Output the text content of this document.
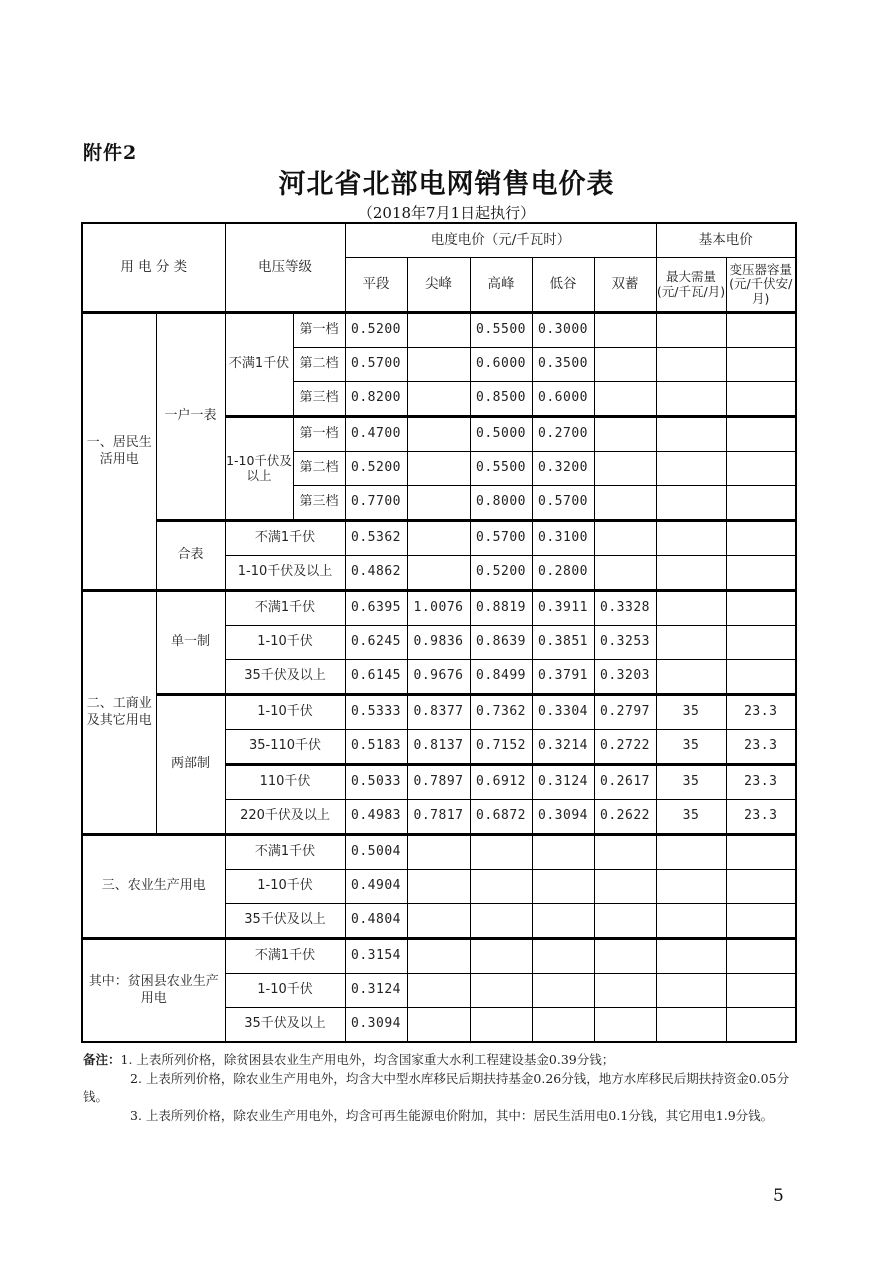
附件2
河北省北部电网销售电价表
（2018年7月1日起执行）
用 电 分 类		电压等级		电度电价（元/千瓦时）					基本电价	
				平段	尖峰	高峰	低谷	双蓄	最大需量(元/千瓦/月)	变压器容量(元/千伏安/月)
一、居民生活用电	一户一表	不满1千伏	第一档	0.5200		0.5500	0.3000			
			第二档	0.5700		0.6000	0.3500			
			第三档	0.8200		0.8500	0.6000			
		1-10千伏及以上	第一档	0.4700		0.5000	0.2700			
			第二档	0.5200		0.5500	0.3200			
			第三档	0.7700		0.8000	0.5700			
	合表	不满1千伏		0.5362		0.5700	0.3100			
		1-10千伏及以上		0.4862		0.5200	0.2800			
二、工商业及其它用电	单一制	不满1千伏		0.6395	1.0076	0.8819	0.3911	0.3328		
		1-10千伏		0.6245	0.9836	0.8639	0.3851	0.3253		
		35千伏及以上		0.6145	0.9676	0.8499	0.3791	0.3203		
	两部制	1-10千伏		0.5333	0.8377	0.7362	0.3304	0.2797	35	23.3
		35-110千伏		0.5183	0.8137	0.7152	0.3214	0.2722	35	23.3
		110千伏		0.5033	0.7897	0.6912	0.3124	0.2617	35	23.3
		220千伏及以上		0.4983	0.7817	0.6872	0.3094	0.2622	35	23.3
三、农业生产用电		不满1千伏		0.5004						
		1-10千伏		0.4904						
		35千伏及以上		0.4804						
其中：贫困县农业生产用电		不满1千伏		0.3154						
		1-10千伏		0.3124						
		35千伏及以上		0.3094						

备注：1. 上表所列价格，除贫困县农业生产用电外，均含国家重大水利工程建设基金0.39分钱；

2. 上表所列价格，除农业生产用电外，均含大中型水库移民后期扶持基金0.26分钱，地方水库移民后期扶持资金0.05分钱。

3. 上表所列价格，除农业生产用电外，均含可再生能源电价附加，其中：居民生活用电0.1分钱，其它用电1.9分钱。

5
